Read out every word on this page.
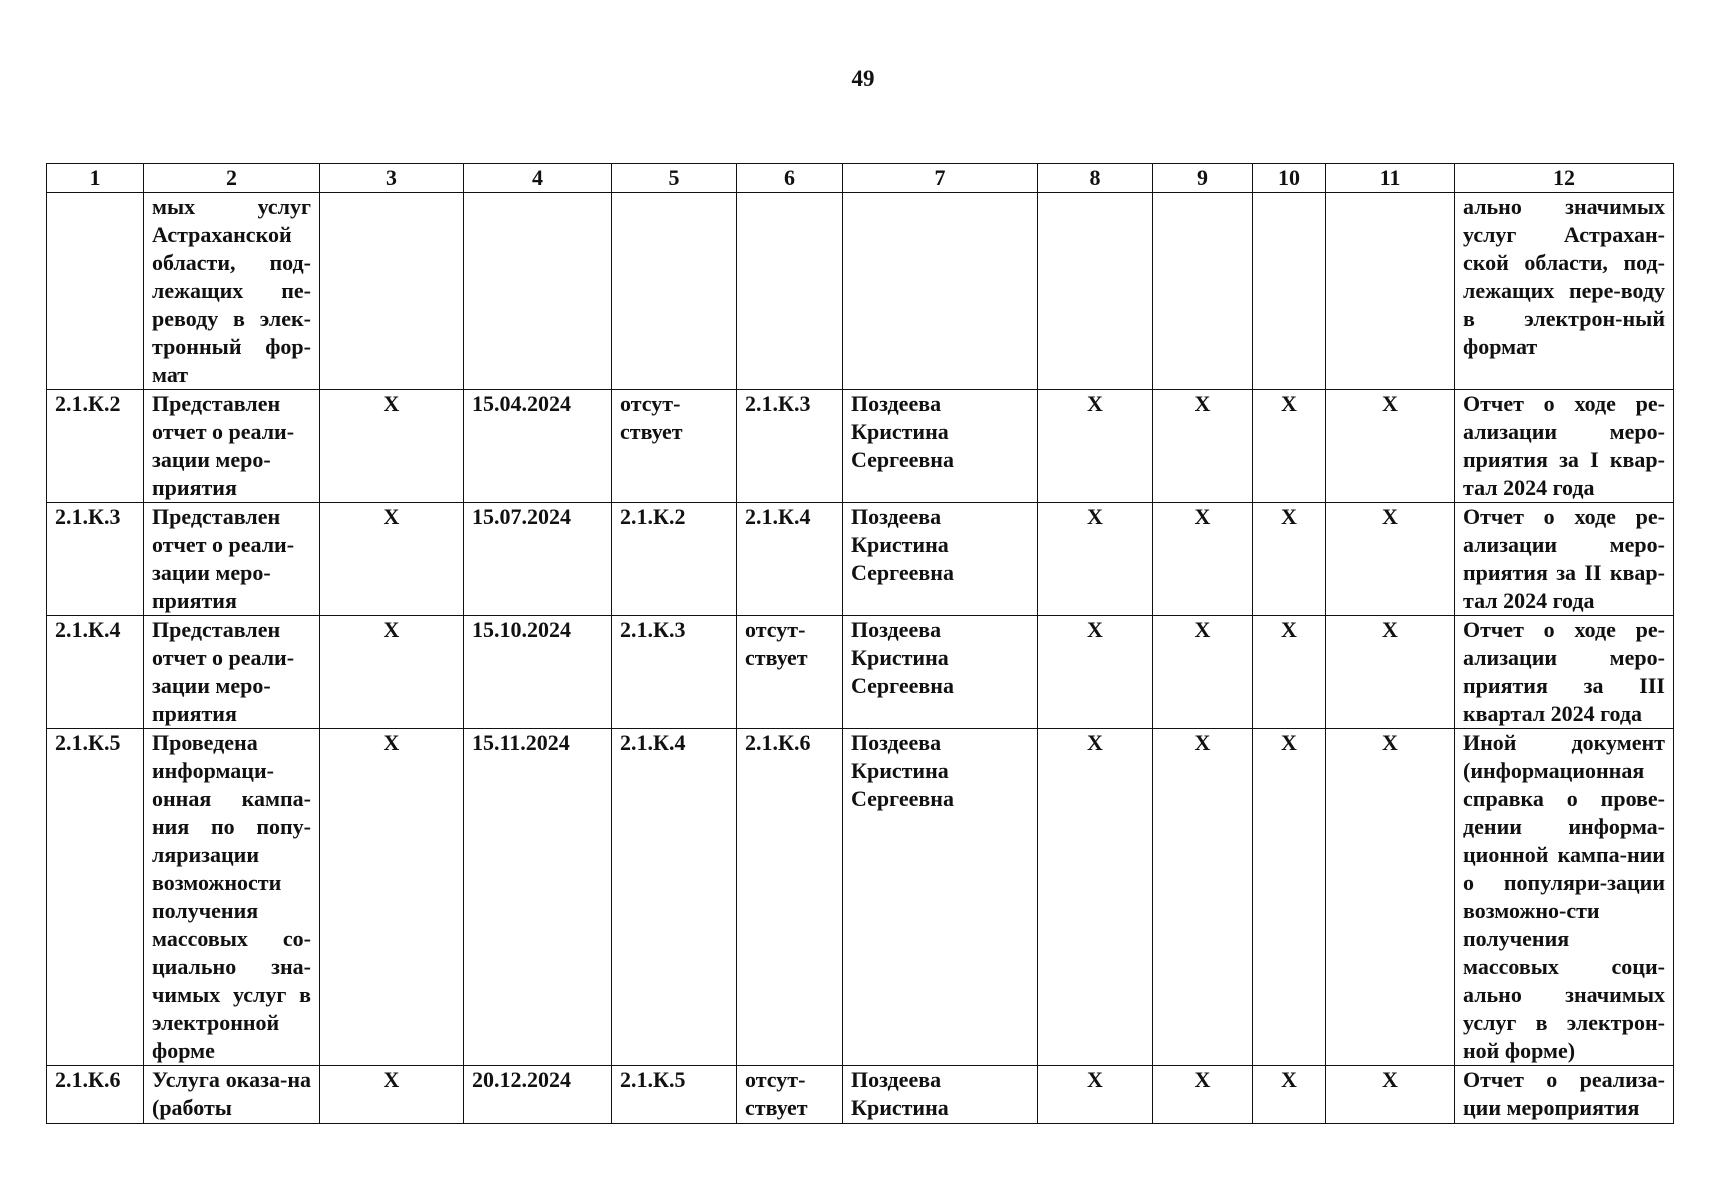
49
1	2	3	4	5	6	7	8	9	10	11	12
	мых услуг Астраханской области, под-лежащих пе-реводу в элек-тронный фор-мат										ально значимых услуг Астрахан-ской области, под-лежащих пере-воду в электрон-ный формат
2.1.К.2	Представлен отчет о реали-зации меро-приятия	Х	15.04.2024	отсут-ствует	2.1.К.3	Поздеева Кристина Сергеевна	Х	Х	Х	Х	Отчет о ходе ре-ализации меро-приятия за I квар-тал 2024 года
2.1.К.3	Представлен отчет о реали-зации меро-приятия	Х	15.07.2024	2.1.К.2	2.1.К.4	Поздеева Кристина Сергеевна	Х	Х	Х	Х	Отчет о ходе ре-ализации меро-приятия за II квар-тал 2024 года
2.1.К.4	Представлен отчет о реали-зации меро-приятия	Х	15.10.2024	2.1.К.3	отсут-ствует	Поздеева Кристина Сергеевна	Х	Х	Х	Х	Отчет о ходе ре-ализации меро-приятия за III квартал 2024 года
2.1.К.5	Проведена информаци-онная кампа-ния по попу-ляризации возможности получения массовых со-циально зна-чимых услуг в электронной форме	Х	15.11.2024	2.1.К.4	2.1.К.6	Поздеева Кристина Сергеевна	Х	Х	Х	Х	Иной документ (информационная справка о прове-дении информа-ционной кампа-нии о популяри-зации возможно-сти получения массовых соци-ально значимых услуг в электрон-ной форме)
2.1.К.6	Услуга оказа-на (работы	Х	20.12.2024	2.1.К.5	отсут-ствует	Поздеева Кристина	Х	Х	Х	Х	Отчет о реализа-ции мероприятия
